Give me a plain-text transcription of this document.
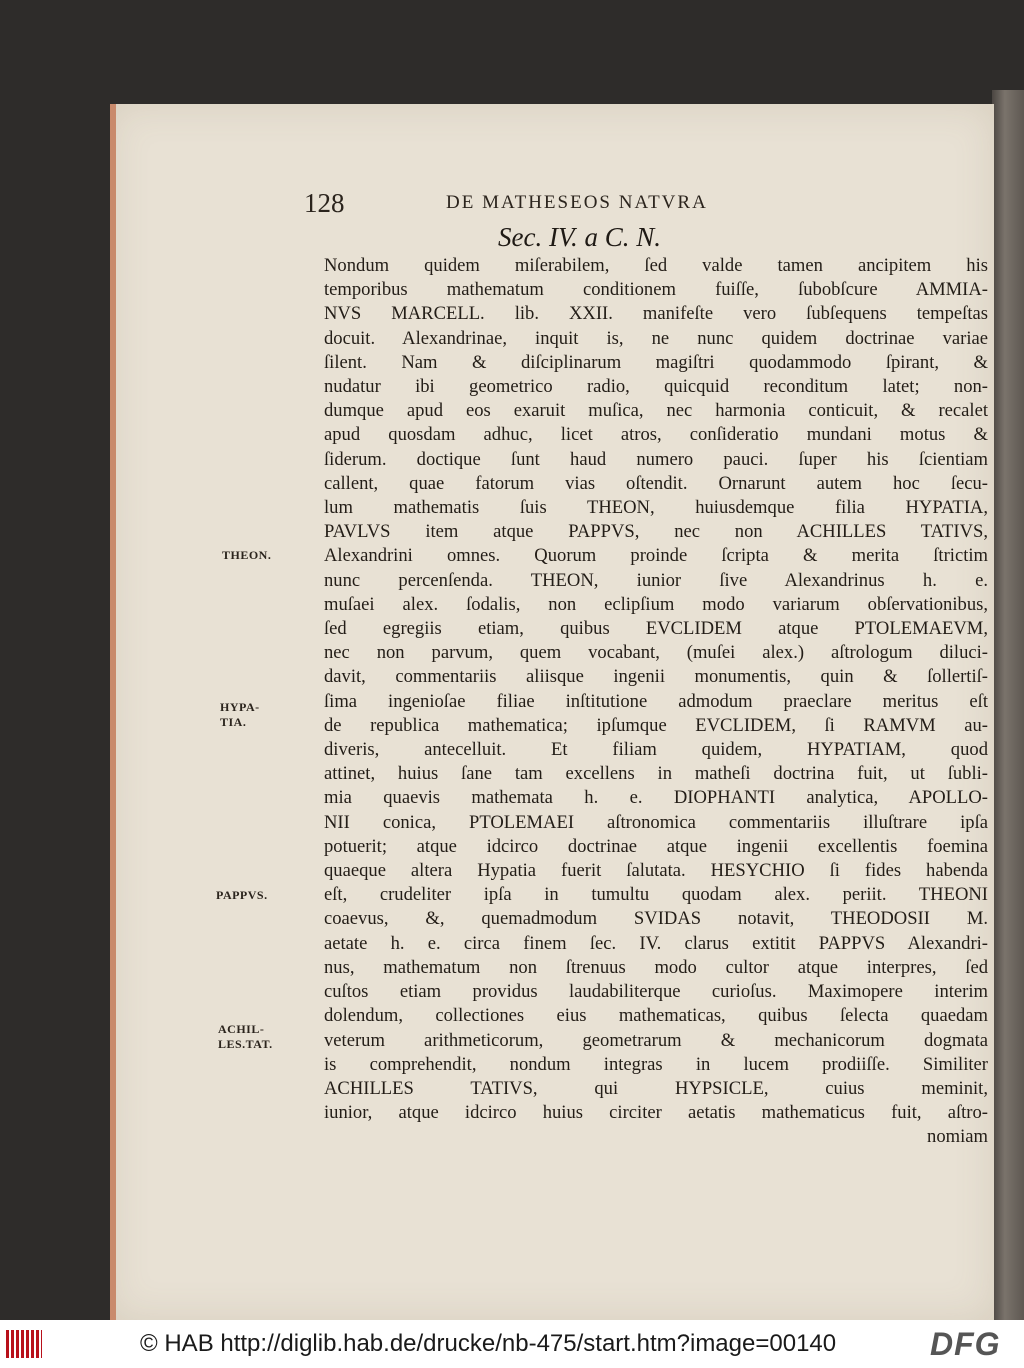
128	DE MATHESEOS NATVRA
Sec. IV. a C. N.
Nondum quidem miſerabilem, ſed valde tamen ancipitem his
temporibus mathematum conditionem fuiſſe, ſubobſcure AMMIA-
NVS MARCELL. lib. XXII. manifeſte vero ſubſequens tempeſtas
docuit. Alexandrinae, inquit is, ne nunc quidem doctrinae variae
ſilent. Nam & diſciplinarum magiſtri quodammodo ſpirant, &
nudatur ibi geometrico radio, quicquid reconditum latet; non-
dumque apud eos exaruit muſica, nec harmonia conticuit, & recalet
apud quosdam adhuc, licet atros, conſideratio mundani motus &
ſiderum. doctique ſunt haud numero pauci. ſuper his ſcientiam
callent, quae fatorum vias oſtendit. Ornarunt autem hoc ſecu-
lum mathematis ſuis THEON, huiusdemque filia HYPATIA,
PAVLVS item atque PAPPVS, nec non ACHILLES TATIVS,
Alexandrini omnes. Quorum proinde ſcripta & merita ſtrictim
nunc percenſenda. THEON, iunior ſive Alexandrinus h. e.
muſaei alex. ſodalis, non eclipſium modo variarum obſervationibus,
ſed egregiis etiam, quibus EVCLIDEM atque PTOLEMAEVM,
nec non parvum, quem vocabant, (muſei alex.) aſtrologum diluci-
davit, commentariis aliisque ingenii monumentis, quin & ſollertiſ-
ſima ingenioſae filiae inſtitutione admodum praeclare meritus eſt
de republica mathematica; ipſumque EVCLIDEM, ſi RAMVM au-
diveris, antecelluit. Et filiam quidem, HYPATIAM, quod
attinet, huius ſane tam excellens in matheſi doctrina fuit, ut ſubli-
mia quaevis mathemata h. e. DIOPHANTI analytica, APOLLO-
NII conica, PTOLEMAEI aſtronomica commentariis illuſtrare ipſa
potuerit; atque idcirco doctrinae atque ingenii excellentis foemina
quaeque altera Hypatia fuerit ſalutata. HESYCHIO ſi fides habenda
eſt, crudeliter ipſa in tumultu quodam alex. periit. THEONI
coaevus, &, quemadmodum SVIDAS notavit, THEODOSII M.
aetate h. e. circa finem ſec. IV. clarus extitit PAPPVS Alexandri-
nus, mathematum non ſtrenuus modo cultor atque interpres, ſed
cuſtos etiam providus laudabiliterque curioſus. Maximopere interim
dolendum, collectiones eius mathematicas, quibus ſelecta quaedam
veterum arithmeticorum, geometrarum & mechanicorum dogmata
is comprehendit, nondum integras in lucem prodiiſſe. Similiter
ACHILLES TATIVS, qui HYPSICLE, cuius meminit,
iunior, atque idcirco huius circiter aetatis mathematicus fuit, aſtro-
nomiam
THEON.
HYPA-
TIA.
PAPPVS.
ACHIL-
LES.TAT.
© HAB http://diglib.hab.de/drucke/nb-475/start.htm?image=00140	DFG
